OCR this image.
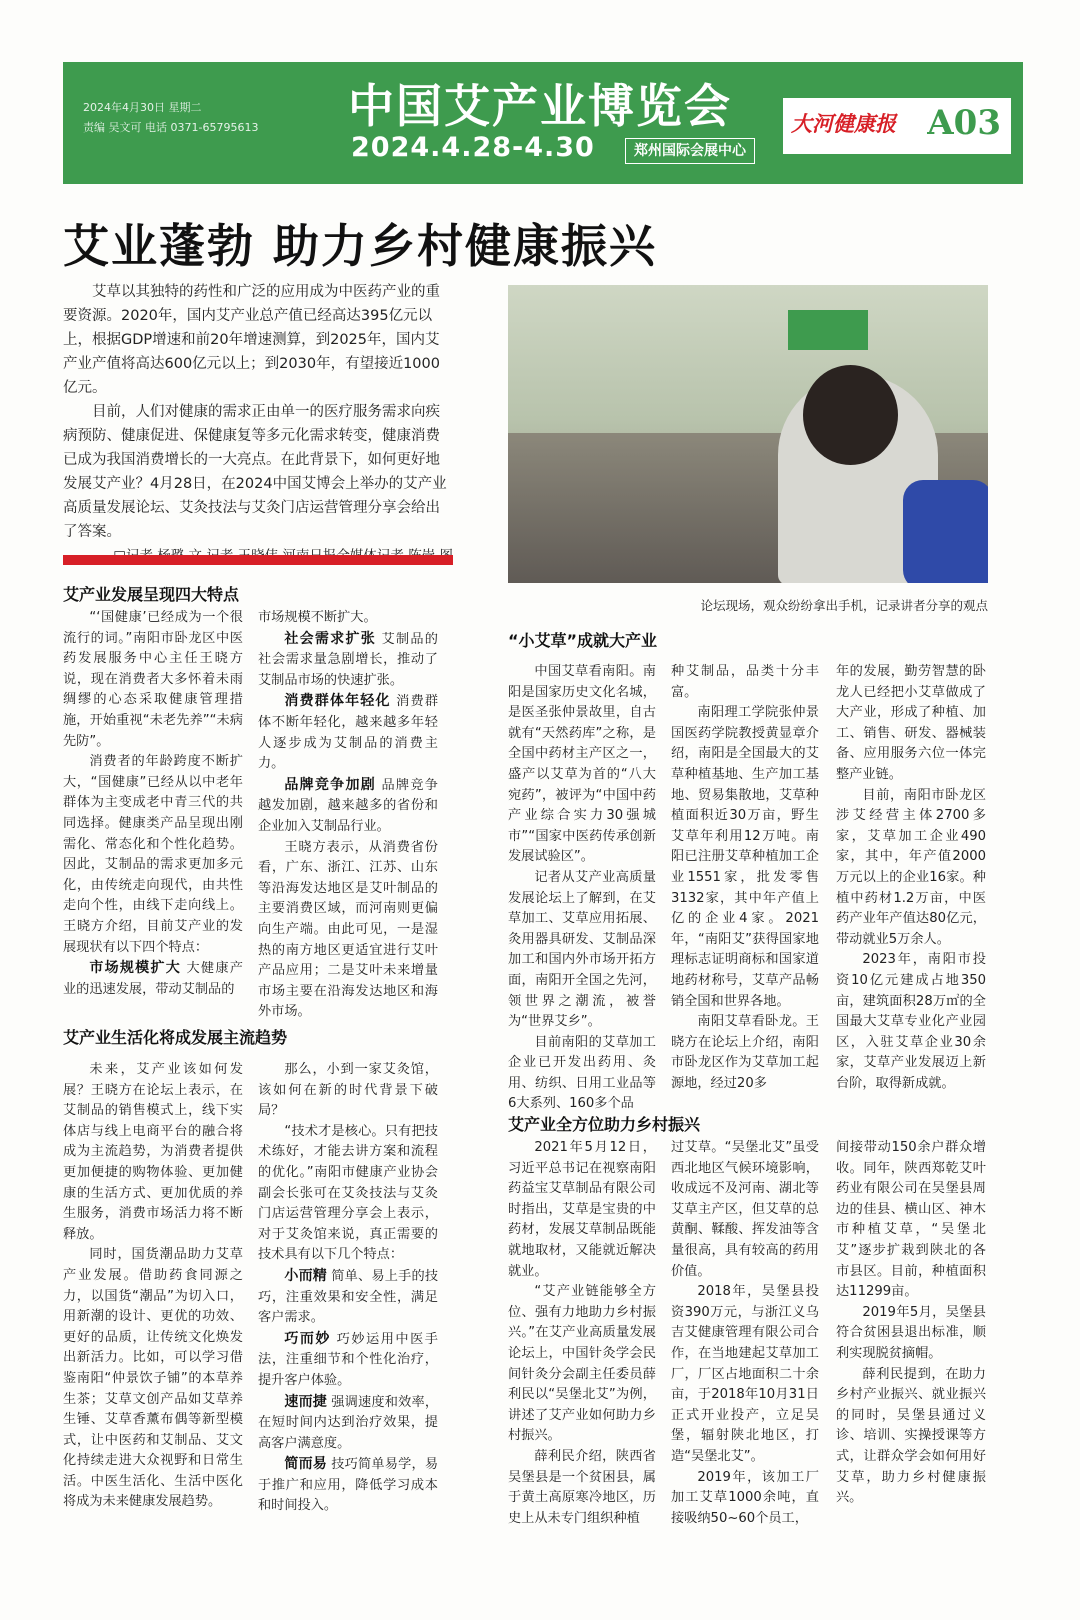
2024年4月30日 星期二
责编 吴文可 电话 0371-65795613 中国艾产业博览会
2024.4.28-4.30	郑州国际会展中心
大河健康报 A03
艾业蓬勃 助力乡村健康振兴

艾草以其独特的药性和广泛的应用成为中医药产业的重要资源。2020年，国内艾产业总产值已经高达395亿元以上，根据GDP增速和前20年增速测算，到2025年，国内艾产业产值将高达600亿元以上；到2030年，有望接近1000亿元。

目前，人们对健康的需求正由单一的医疗服务需求向疾病预防、健康促进、保健康复等多元化需求转变，健康消费已成为我国消费增长的一大亮点。在此背景下，如何更好地发展艾产业？4月28日，在2024中国艾博会上举办的艾产业高质量发展论坛、艾灸技法与艾灸门店运营管理分享会给出了答案。

论坛现场，观众纷纷拿出手机，记录讲者分享的观点
艾产业发展呈现四大特点

“‘国健康’已经成为一个很流行的词。”南阳市卧龙区中医药发展服务中心主任王晓方说，现在消费者大多怀着未雨绸缪的心态采取健康管理措施，开始重视“未老先养”“未病先防”。

消费者的年龄跨度不断扩大，“国健康”已经从以中老年群体为主变成老中青三代的共同选择。健康类产品呈现出刚需化、常态化和个性化趋势。因此，艾制品的需求更加多元化，由传统走向现代，由共性走向个性，由线下走向线上。王晓方介绍，目前艾产业的发展现状有以下四个特点：

市场规模扩大 大健康产业的迅速发展，带动艾制品的

市场规模不断扩大。

社会需求扩张 艾制品的社会需求量急剧增长，推动了艾制品市场的快速扩张。

消费群体年轻化 消费群体不断年轻化，越来越多年轻人逐步成为艾制品的消费主力。

品牌竞争加剧 品牌竞争越发加剧，越来越多的省份和企业加入艾制品行业。

王晓方表示，从消费省份看，广东、浙江、江苏、山东等沿海发达地区是艾叶制品的主要消费区域，而河南则更偏向生产端。由此可见，一是湿热的南方地区更适宜进行艾叶产品应用；二是艾叶未来增量市场主要在沿海发达地区和海外市场。

艾产业生活化将成发展主流趋势

未来，艾产业该如何发展？王晓方在论坛上表示，在艾制品的销售模式上，线下实体店与线上电商平台的融合将成为主流趋势，为消费者提供更加便捷的购物体验、更加健康的生活方式、更加优质的养生服务，消费市场活力将不断释放。

同时，国货潮品助力艾草产业发展。借助药食同源之力，以国货“潮品”为切入口，用新潮的设计、更优的功效、更好的品质，让传统文化焕发出新活力。比如，可以学习借鉴南阳“仲景饮子铺”的本草养生茶；艾草文创产品如艾草养生锤、艾草香薰布偶等新型模式，让中医药和艾制品、艾文化持续走进大众视野和日常生活。中医生活化、生活中医化将成为未来健康发展趋势。

那么，小到一家艾灸馆，该如何在新的时代背景下破局？

“技术才是核心。只有把技术练好，才能去讲方案和流程的优化。”南阳市健康产业协会副会长张可在艾灸技法与艾灸门店运营管理分享会上表示，对于艾灸馆来说，真正需要的技术具有以下几个特点：

小而精 简单、易上手的技巧，注重效果和安全性，满足客户需求。

巧而妙 巧妙运用中医手法，注重细节和个性化治疗，提升客户体验。

速而捷 强调速度和效率，在短时间内达到治疗效果，提高客户满意度。

简而易 技巧简单易学，易于推广和应用，降低学习成本和时间投入。

“小艾草”成就大产业

中国艾草看南阳。南阳是国家历史文化名城，是医圣张仲景故里，自古就有“天然药库”之称，是全国中药材主产区之一，盛产以艾草为首的“八大宛药”，被评为“中国中药产业综合实力30强城市”“国家中医药传承创新发展试验区”。

记者从艾产业高质量发展论坛上了解到，在艾草加工、艾草应用拓展、灸用器具研发、艾制品深加工和国内外市场开拓方面，南阳开全国之先河，领世界之潮流，被誉为“世界艾乡”。

目前南阳的艾草加工企业已开发出药用、灸用、纺织、日用工业品等6大系列、160多个品

种艾制品，品类十分丰富。

南阳理工学院张仲景国医药学院教授黄显章介绍，南阳是全国最大的艾草种植基地、生产加工基地、贸易集散地，艾草种植面积近30万亩，野生艾草年利用12万吨。南阳已注册艾草种植加工企业1551家，批发零售3132家，其中年产值上亿的企业4家。2021年，“南阳艾”获得国家地理标志证明商标和国家道地药材称号，艾草产品畅销全国和世界各地。

南阳艾草看卧龙。王晓方在论坛上介绍，南阳市卧龙区作为艾草加工起源地，经过20多

年的发展，勤劳智慧的卧龙人已经把小艾草做成了大产业，形成了种植、加工、销售、研发、器械装备、应用服务六位一体完整产业链。

目前，南阳市卧龙区涉艾经营主体2700多家，艾草加工企业490家，其中，年产值2000万元以上的企业16家。种植中药材1.2万亩，中医药产业年产值达80亿元，带动就业5万余人。

2023年，南阳市投资10亿元建成占地350亩，建筑面积28万㎡的全国最大艾草专业化产业园区，入驻艾草企业30余家，艾草产业发展迈上新台阶，取得新成就。

艾产业全方位助力乡村振兴

2021年5月12日，习近平总书记在视察南阳药益宝艾草制品有限公司时指出，艾草是宝贵的中药材，发展艾草制品既能就地取材，又能就近解决就业。

“艾产业链能够全方位、强有力地助力乡村振兴。”在艾产业高质量发展论坛上，中国针灸学会民间针灸分会副主任委员薛利民以“吴堡北艾”为例，讲述了艾产业如何助力乡村振兴。

薛利民介绍，陕西省吴堡县是一个贫困县，属于黄土高原寒冷地区，历史上从未专门组织种植

过艾草。“吴堡北艾”虽受西北地区气候环境影响，收成远不及河南、湖北等艾草主产区，但艾草的总黄酮、鞣酸、挥发油等含量很高，具有较高的药用价值。

2018年，吴堡县投资390万元，与浙江义乌吉艾健康管理有限公司合作，在当地建起艾草加工厂，厂区占地面积二十余亩，于2018年10月31日正式开业投产，立足吴堡，辐射陕北地区，打造“吴堡北艾”。

2019年，该加工厂加工艾草1000余吨，直接吸纳50~60个员工，

间接带动150余户群众增收。同年，陕西郑乾艾叶药业有限公司在吴堡县周边的佳县、横山区、神木市种植艾草，“吴堡北艾”逐步扩栽到陕北的各市县区。目前，种植面积达11299亩。

2019年5月，吴堡县符合贫困县退出标准，顺利实现脱贫摘帽。

薛利民提到，在助力乡村产业振兴、就业振兴的同时，吴堡县通过义诊、培训、实操授课等方式，让群众学会如何用好艾草，助力乡村健康振兴。
